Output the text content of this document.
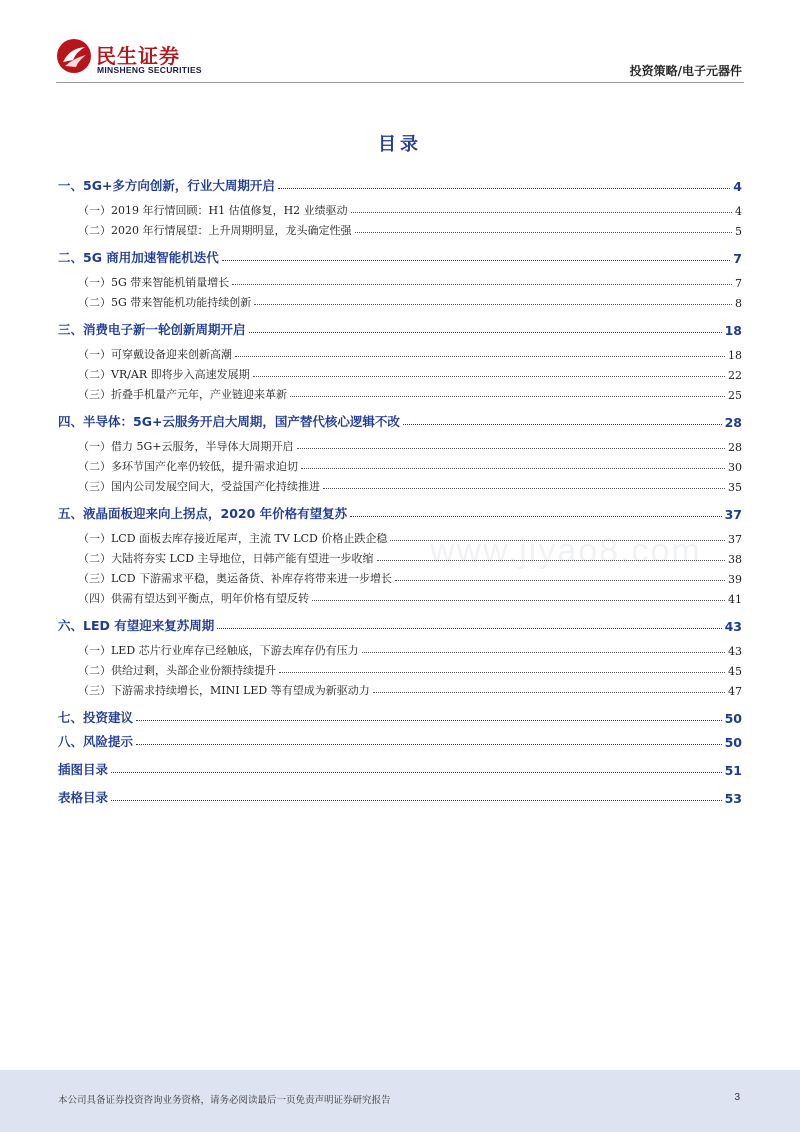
民生证券
MINSHENG SECURITIES	投资策略/电子元器件
www.jiyao8.com
目录
一、5G+多方向创新，行业大周期开启	4
（一）2019 年行情回顾：H1 估值修复，H2 业绩驱动	4
（二）2020 年行情展望：上升周期明显，龙头确定性强	5
二、5G 商用加速智能机迭代	7
（一）5G 带来智能机销量增长	7
（二）5G 带来智能机功能持续创新	8
三、消费电子新一轮创新周期开启	18
（一）可穿戴设备迎来创新高潮	18
（二）VR/AR 即将步入高速发展期	22
（三）折叠手机量产元年，产业链迎来革新	25
四、半导体：5G+云服务开启大周期，国产替代核心逻辑不改	28
（一）借力 5G+云服务，半导体大周期开启	28
（二）多环节国产化率仍较低，提升需求迫切	30
（三）国内公司发展空间大，受益国产化持续推进	35
五、液晶面板迎来向上拐点，2020 年价格有望复苏	37
（一）LCD 面板去库存接近尾声，主流 TV LCD 价格止跌企稳	37
（二）大陆将夯实 LCD 主导地位，日韩产能有望进一步收缩	38
（三）LCD 下游需求平稳，奥运备货、补库存将带来进一步增长	39
（四）供需有望达到平衡点，明年价格有望反转	41
六、LED 有望迎来复苏周期	43
（一）LED 芯片行业库存已经触底，下游去库存仍有压力	43
（二）供给过剩，头部企业份额持续提升	45
（三）下游需求持续增长，MINI LED 等有望成为新驱动力	47
七、投资建议	50
八、风险提示	50
插图目录	51
表格目录	53
本公司具备证券投资咨询业务资格，请务必阅读最后一页免责声明证券研究报告	3
